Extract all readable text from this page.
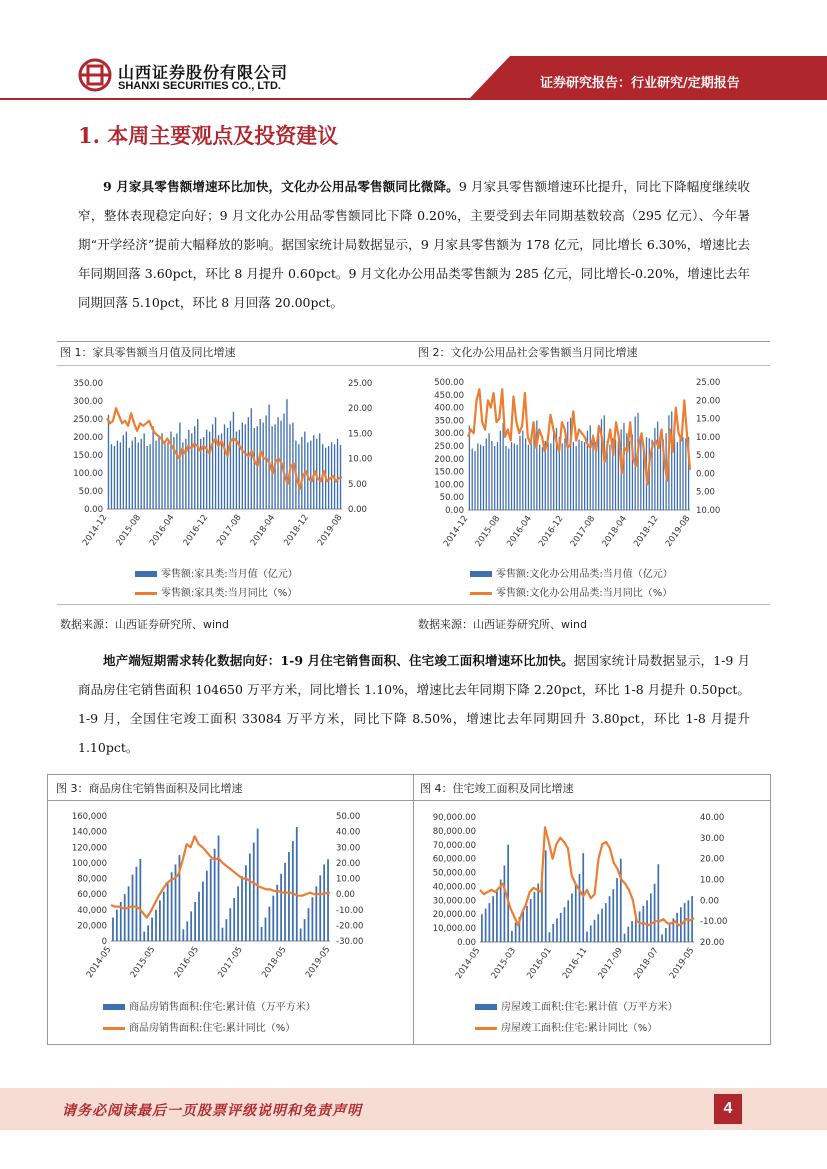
山西证券股份有限公司
SHANXI SECURITIES CO., LTD.	证券研究报告：行业研究/定期报告
1. 本周主要观点及投资建议
9 月家具零售额增速环比加快，文化办公用品零售额同比微降。9 月家具零售额增速环比提升，同比下降幅度继续收窄，整体表现稳定向好；9 月文化办公用品零售额同比下降 0.20%，主要受到去年同期基数较高（295 亿元）、今年暑期“开学经济”提前大幅释放的影响。据国家统计局数据显示，9 月家具零售额为 178 亿元，同比增长 6.30%，增速比去年同期回落 3.60pct，环比 8 月提升 0.60pct。9 月文化办公用品类零售额为 285 亿元，同比增长-0.20%，增速比去年同期回落 5.10pct，环比 8 月回落 20.00pct。
图 1：家具零售额当月值及同比增速	图 2：文化办公用品社会零售额当月同比增速
0.00
50.00
100.00
150.00
200.00
250.00
300.00
350.00
0.00
5.00
10.00
15.00
20.00
25.00
2014-12 2015-08 2016-04 2016-12 2017-08 2018-04 2018-12 2019-08
0.00
50.00
100.00
150.00
200.00
250.00
300.00
350.00
400.00
450.00
500.00
10.00
5.00
0.00
5.00
10.00
15.00
20.00
25.00
2014-12 2015-08 2016-04 2016-12 2017-08 2018-04 2018-12 2019-08
零售额:家具类:当月值（亿元）
零售额:家具类:当月同比（%）
零售额:文化办公用品类:当月值（亿元）
零售额:文化办公用品类:当月同比（%）
数据来源：山西证券研究所、wind	数据来源：山西证券研究所、wind
地产端短期需求转化数据向好：1-9 月住宅销售面积、住宅竣工面积增速环比加快。据国家统计局数据显示，1-9 月商品房住宅销售面积 104650 万平方米，同比增长 1.10%，增速比去年同期下降 2.20pct，环比 1-8 月提升 0.50pct。1-9 月，全国住宅竣工面积 33084 万平方米，同比下降 8.50%，增速比去年同期回升 3.80pct，环比 1-8 月提升 1.10pct。
图 3：商品房住宅销售面积及同比增速	图 4：住宅竣工面积及同比增速
0
20,000
40,000
60,000
80,000
100,000
120,000
140,000
160,000
-30.00
-20.00
-10.00
0.00
10.00
20.00
30.00
40.00
50.00
2014-05 2015-05 2016-05 2017-05 2018-05 2019-05
0.00
10,000.00
20,000.00
30,000.00
40,000.00
50,000.00
60,000.00
70,000.00
80,000.00
90,000.00
20.00
-10.00
0.00
10.00
20.00
30.00
40.00
2014-05 2015-03 2016-01 2016-11 2017-09 2018-07 2019-05
商品房销售面积:住宅:累计值（万平方米）
商品房销售面积:住宅:累计同比（%）
房屋竣工面积:住宅:累计值（万平方米）
房屋竣工面积:住宅:累计同比（%）
请务必阅读最后一页股票评级说明和免责声明	4
